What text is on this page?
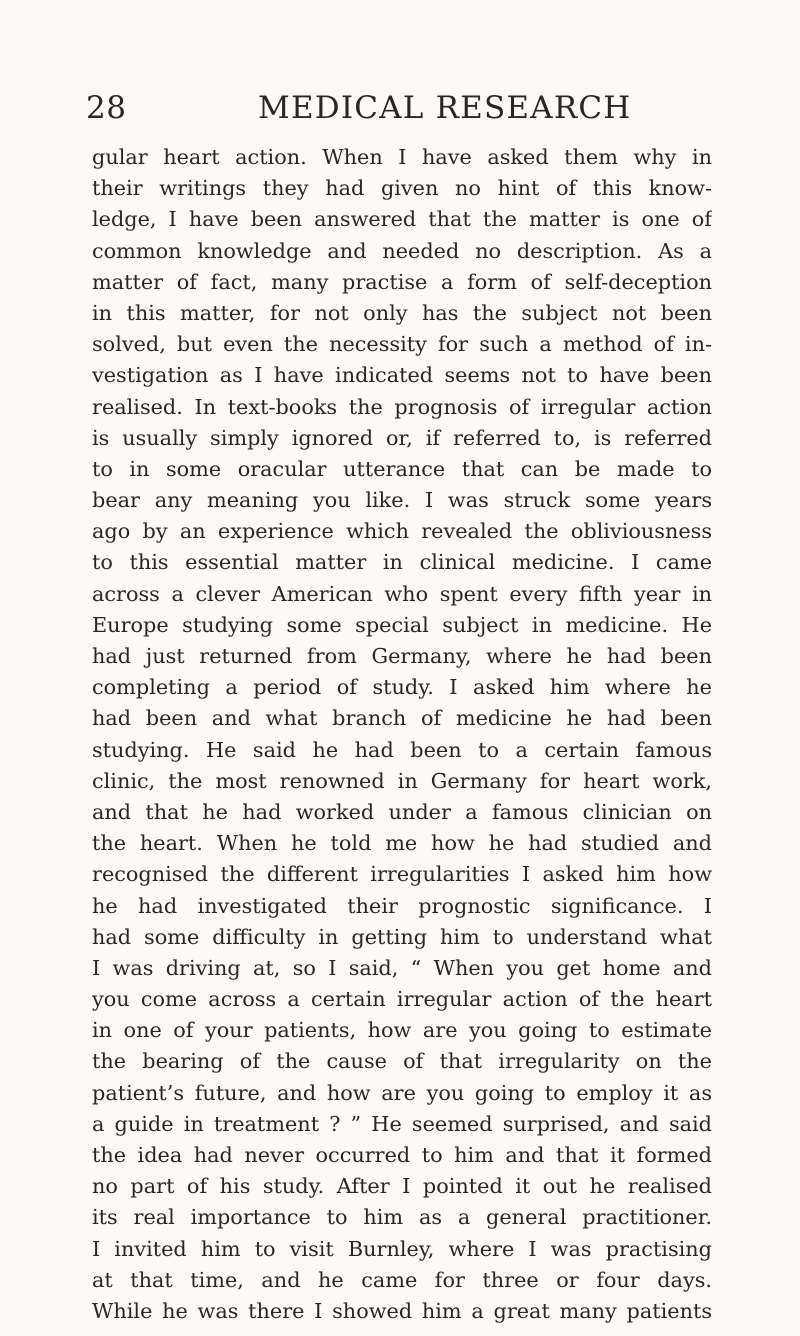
28	MEDICAL RESEARCH
gular heart action. When I have asked them why in
their writings they had given no hint of this know-
ledge, I have been answered that the matter is one of
common knowledge and needed no description. As a
matter of fact, many practise a form of self-deception
in this matter, for not only has the subject not been
solved, but even the necessity for such a method of in-
vestigation as I have indicated seems not to have been
realised. In text-books the prognosis of irregular action
is usually simply ignored or, if referred to, is referred
to in some oracular utterance that can be made to
bear any meaning you like. I was struck some years
ago by an experience which revealed the obliviousness
to this essential matter in clinical medicine. I came
across a clever American who spent every fifth year in
Europe studying some special subject in medicine. He
had just returned from Germany, where he had been
completing a period of study. I asked him where he
had been and what branch of medicine he had been
studying. He said he had been to a certain famous
clinic, the most renowned in Germany for heart work,
and that he had worked under a famous clinician on
the heart. When he told me how he had studied and
recognised the different irregularities I asked him how
he had investigated their prognostic significance. I
had some difficulty in getting him to understand what
I was driving at, so I said, “ When you get home and
you come across a certain irregular action of the heart
in one of your patients, how are you going to estimate
the bearing of the cause of that irregularity on the
patient’s future, and how are you going to employ it as
a guide in treatment ? ” He seemed surprised, and said
the idea had never occurred to him and that it formed
no part of his study. After I pointed it out he realised
its real importance to him as a general practitioner.
I invited him to visit Burnley, where I was practising
at that time, and he came for three or four days.
While he was there I showed him a great many patients
